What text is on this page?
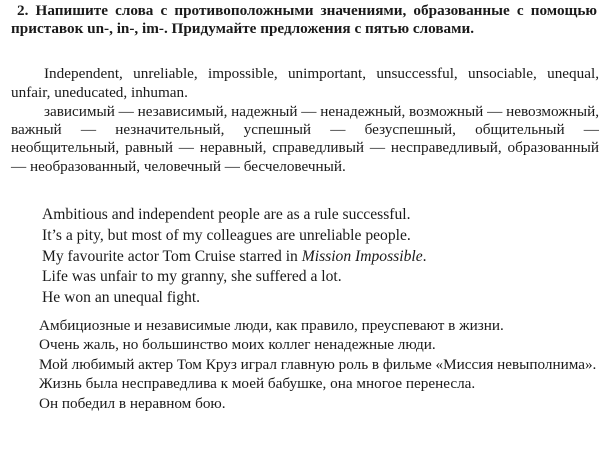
2. Напишите слова с противоположными значениями, образованные с помощью приставок un-, in-, im-. Придумайте предложения с пятью словами.
Independent, unreliable, impossible, unimportant, unsuccessful, unsociable, unequal, unfair, uneducated, inhuman.
зависимый — независимый, надежный — ненадежный, возможный — невозможный, важный — незначительный, успешный — безуспешный, общительный — необщительный, равный — неравный, справедливый — несправедливый, образованный — необразованный, человечный — бесчеловечный.
Ambitious and independent people are as a rule successful.
It’s a pity, but most of my colleagues are unreliable people.
My favourite actor Tom Cruise starred in Mission Impossible.
Life was unfair to my granny, she suffered a lot.
He won an unequal fight.
Амбициозные и независимые люди, как правило, преуспевают в жизни.
Очень жаль, но большинство моих коллег ненадежные люди.
Мой любимый актер Том Круз играл главную роль в фильме «Миссия невыполнима».
Жизнь была несправедлива к моей бабушке, она многое перенесла.
Он победил в неравном бою.
